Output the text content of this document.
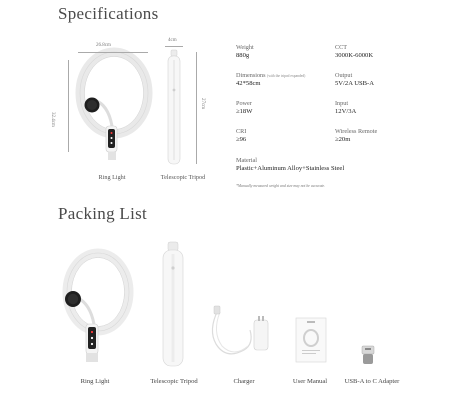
Specifications
26.8cm
32.4cm
Ring Light
4cm
27cm
Telescopic Tripod
Weight
880g
CCT
3000K-6000K
Dimensions (with the tripod expanded)
42*58cm
Output
5V/2A USB-A
Power
≥18W
Input
12V/3A
CRI
≥96
Wireless Remote
≥20m
Material
Plastic+Aluminum Alloy+Stainless Steel
*Manually measured weight and size may not be accurate.
Packing List
Ring Light	Telescopic Tripod	Charger	User Manual	USB-A to C Adapter
